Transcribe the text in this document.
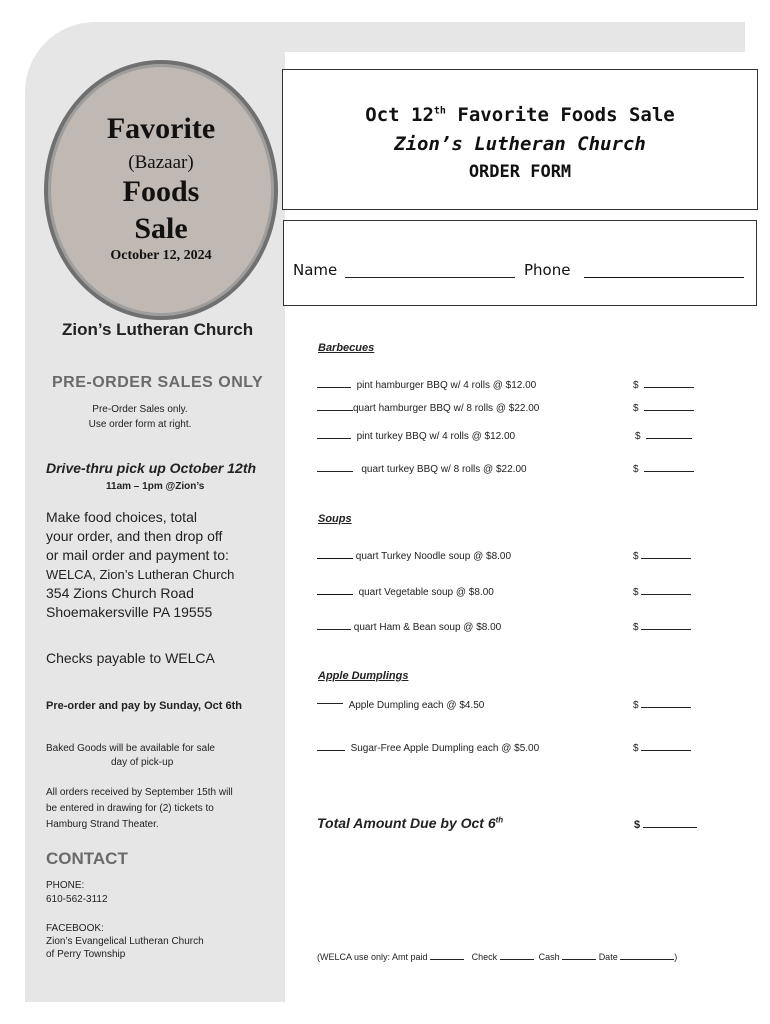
Favorite
(Bazaar)
Foods
Sale
October 12, 2024
Zion’s Lutheran Church
PRE-ORDER SALES ONLY
Pre-Order Sales only.
Use order form at right.
Drive-thru pick up October 12th
11am – 1pm @Zion’s
Make food choices, total
your order, and then drop off
or mail order and payment to:
WELCA, Zion’s Lutheran Church
354 Zions Church Road
Shoemakersville PA 19555
Checks payable to WELCA
Pre-order and pay by Sunday, Oct 6th
Baked Goods will be available for sale
day of pick-up
All orders received by September 15th will
be entered in drawing for (2) tickets to
Hamburg Strand Theater.
CONTACT
PHONE:
610-562-3112
FACEBOOK:
Zion’s Evangelical Lutheran Church
of Perry Township
Oct 12th Favorite Foods Sale
Zion’s Lutheran Church
ORDER FORM
Name	Phone
Barbecues
pint hamburger BBQ w/ 4 rolls @ $12.00	$
quart hamburger BBQ w/ 8 rolls @ $22.00	$
pint turkey BBQ w/ 4 rolls @ $12.00	$
quart turkey BBQ w/ 8 rolls @ $22.00	$
Soups
quart Turkey Noodle soup @ $8.00	$
quart Vegetable soup @ $8.00	$
quart Ham & Bean soup @ $8.00	$
Apple Dumplings
Apple Dumpling each @ $4.50	$
Sugar-Free Apple Dumpling each @ $5.00	$
Total Amount Due by Oct 6th	$
(WELCA use only: Amt paid	Check	Cash	Date	)
